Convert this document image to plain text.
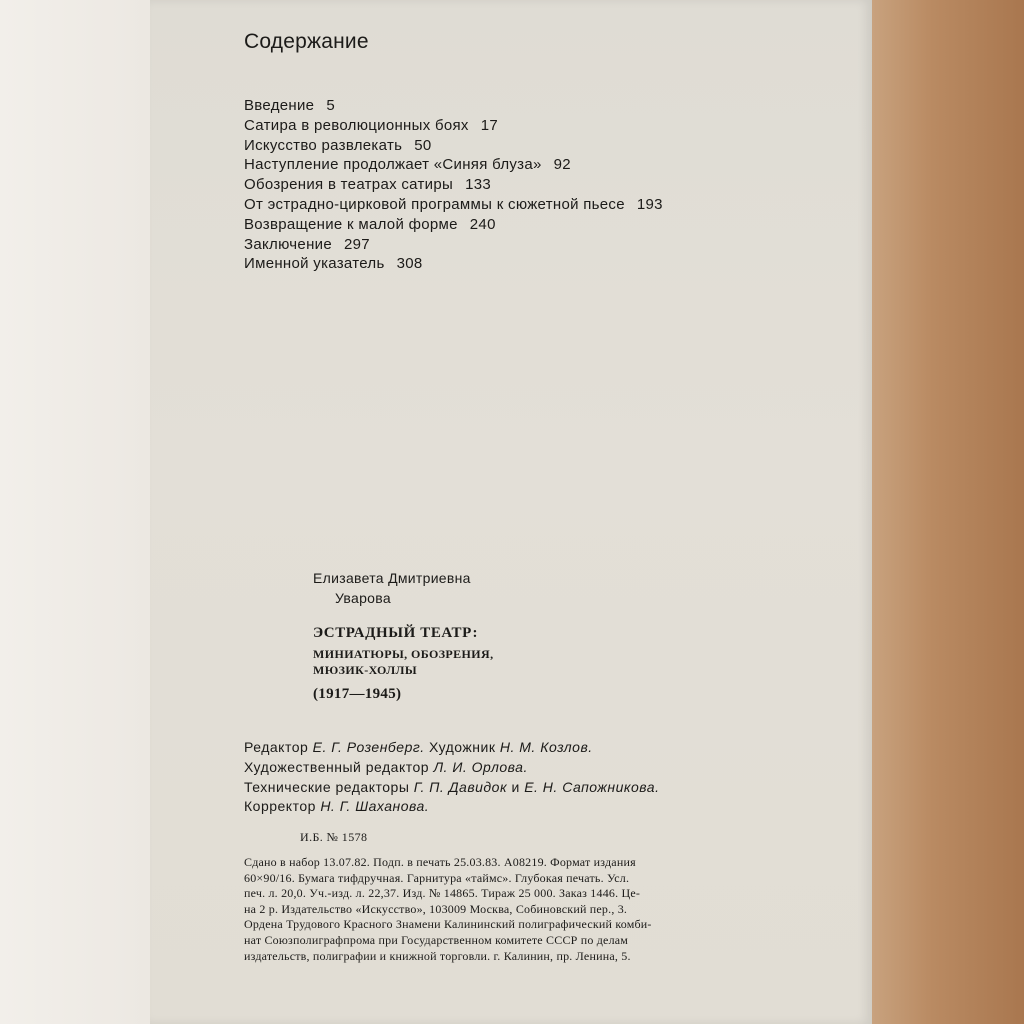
Содержание
Введение 5
Сатира в революционных боях 17
Искусство развлекать 50
Наступление продолжает «Синяя блуза» 92
Обозрения в театрах сатиры 133
От эстрадно-цирковой программы к сюжетной пьесе 193
Возвращение к малой форме 240
Заключение 297
Именной указатель 308
Елизавета Дмитриевна
Уварова
ЭСТРАДНЫЙ ТЕАТР:
МИНИАТЮРЫ, ОБОЗРЕНИЯ,
МЮЗИК-ХОЛЛЫ
(1917—1945)
Редактор Е. Г. Розенберг. Художник Н. М. Козлов.
Художественный редактор Л. И. Орлова.
Технические редакторы Г. П. Давидок и Е. Н. Сапожникова.
Корректор Н. Г. Шаханова.
И.Б. № 1578
Сдано в набор 13.07.82. Подп. в печать 25.03.83. А08219. Формат издания
60×90/16. Бумага тифдручная. Гарнитура «таймс». Глубокая печать. Усл.
печ. л. 20,0. Уч.-изд. л. 22,37. Изд. № 14865. Тираж 25 000. Заказ 1446. Це-
на 2 р. Издательство «Искусство», 103009 Москва, Собиновский пер., 3.
Ордена Трудового Красного Знамени Калининский полиграфический комби-
нат Союзполиграфпрома при Государственном комитете СССР по делам
издательств, полиграфии и книжной торговли. г. Калинин, пр. Ленина, 5.
